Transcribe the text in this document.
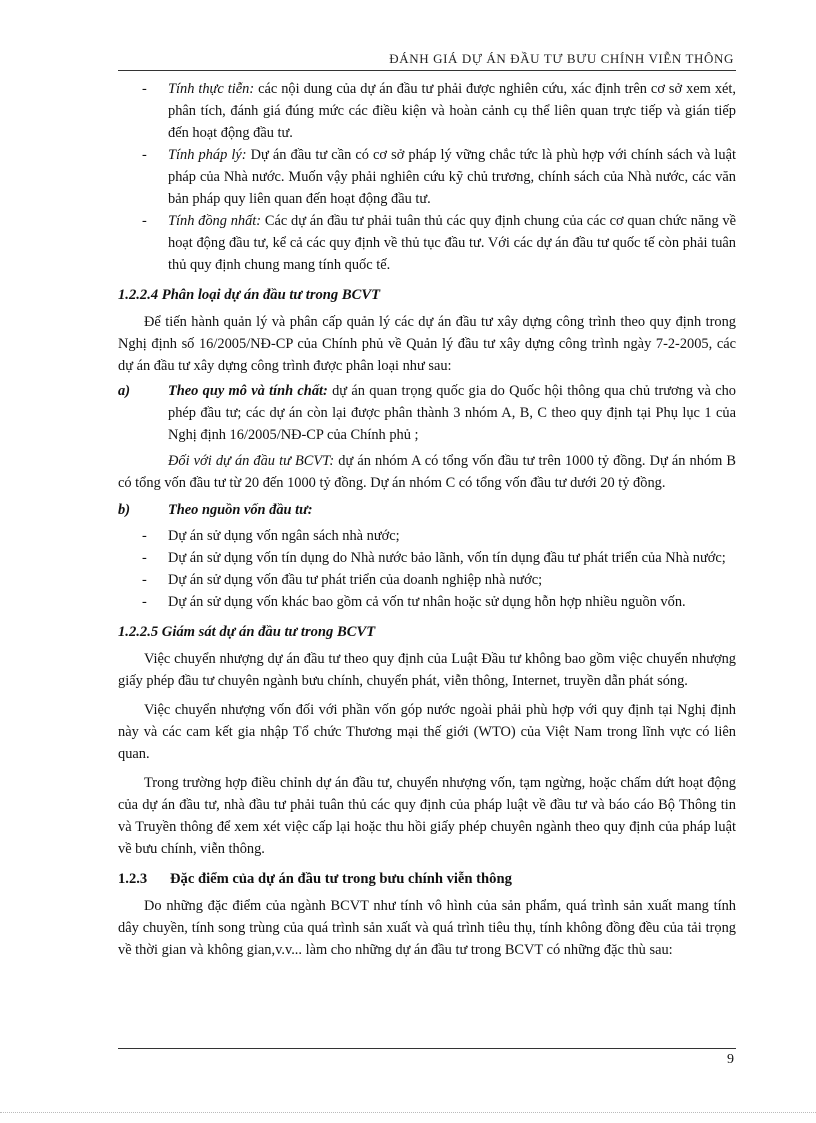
ĐÁNH GIÁ DỰ ÁN ĐẦU TƯ BƯU CHÍNH VIỄN THÔNG
- Tính thực tiễn: các nội dung của dự án đầu tư phải được nghiên cứu, xác định trên cơ sở xem xét, phân tích, đánh giá đúng mức các điều kiện và hoàn cảnh cụ thể liên quan trực tiếp và gián tiếp đến hoạt động đầu tư.
- Tính pháp lý: Dự án đầu tư cần có cơ sở pháp lý vững chắc tức là phù hợp với chính sách và luật pháp của Nhà nước. Muốn vậy phải nghiên cứu kỹ chủ trương, chính sách của Nhà nước, các văn bản pháp quy liên quan đến hoạt động đầu tư.
- Tính đồng nhất: Các dự án đầu tư phải tuân thủ các quy định chung của các cơ quan chức năng về hoạt động đầu tư, kể cả các quy định về thủ tục đầu tư. Với các dự án đầu tư quốc tế còn phải tuân thủ quy định chung mang tính quốc tế.
1.2.2.4 Phân loại dự án đầu tư trong BCVT
Để tiến hành quản lý và phân cấp quản lý các dự án đầu tư xây dựng công trình theo quy định trong Nghị định số 16/2005/NĐ-CP của Chính phủ về Quản lý đầu tư xây dựng công trình ngày 7-2-2005, các dự án đầu tư xây dựng công trình được phân loại như sau:
a)	Theo quy mô và tính chất: dự án quan trọng quốc gia do Quốc hội thông qua chủ trương và cho phép đầu tư; các dự án còn lại được phân thành 3 nhóm A, B, C theo quy định tại Phụ lục 1 của Nghị định 16/2005/NĐ-CP của Chính phủ ;
Đối với dự án đầu tư BCVT: dự án nhóm A có tổng vốn đầu tư trên 1000 tỷ đồng. Dự án nhóm B có tổng vốn đầu tư từ 20 đến 1000 tỷ đồng. Dự án nhóm C có tổng vốn đầu tư dưới 20 tỷ đồng.
b)	Theo nguồn vốn đầu tư:
- Dự án sử dụng vốn ngân sách nhà nước;
- Dự án sử dụng vốn tín dụng do Nhà nước bảo lãnh, vốn tín dụng đầu tư phát triển của Nhà nước;
- Dự án sử dụng vốn đầu tư phát triển của doanh nghiệp nhà nước;
- Dự án sử dụng vốn khác bao gồm cả vốn tư nhân hoặc sử dụng hỗn hợp nhiều nguồn vốn.
1.2.2.5 Giám sát dự án đầu tư trong BCVT
Việc chuyển nhượng dự án đầu tư theo quy định của Luật Đầu tư không bao gồm việc chuyển nhượng giấy phép đầu tư chuyên ngành bưu chính, chuyển phát, viễn thông, Internet, truyền dẫn phát sóng.
Việc chuyển nhượng vốn đối với phần vốn góp nước ngoài phải phù hợp với quy định tại Nghị định này và các cam kết gia nhập Tổ chức Thương mại thế giới (WTO) của Việt Nam trong lĩnh vực có liên quan.
Trong trường hợp điều chỉnh dự án đầu tư, chuyển nhượng vốn, tạm ngừng, hoặc chấm dứt hoạt động của dự án đầu tư, nhà đầu tư phải tuân thủ các quy định của pháp luật về đầu tư và báo cáo Bộ Thông tin và Truyền thông để xem xét việc cấp lại hoặc thu hồi giấy phép chuyên ngành theo quy định của pháp luật về bưu chính, viễn thông.
1.2.3 Đặc điểm của dự án đầu tư trong bưu chính viễn thông
Do những đặc điểm của ngành BCVT như tính vô hình của sản phẩm, quá trình sản xuất mang tính dây chuyền, tính song trùng của quá trình sản xuất và quá trình tiêu thụ, tính không đồng đều của tải trọng về thời gian và không gian,v.v... làm cho những dự án đầu tư trong BCVT có những đặc thù sau:
9
